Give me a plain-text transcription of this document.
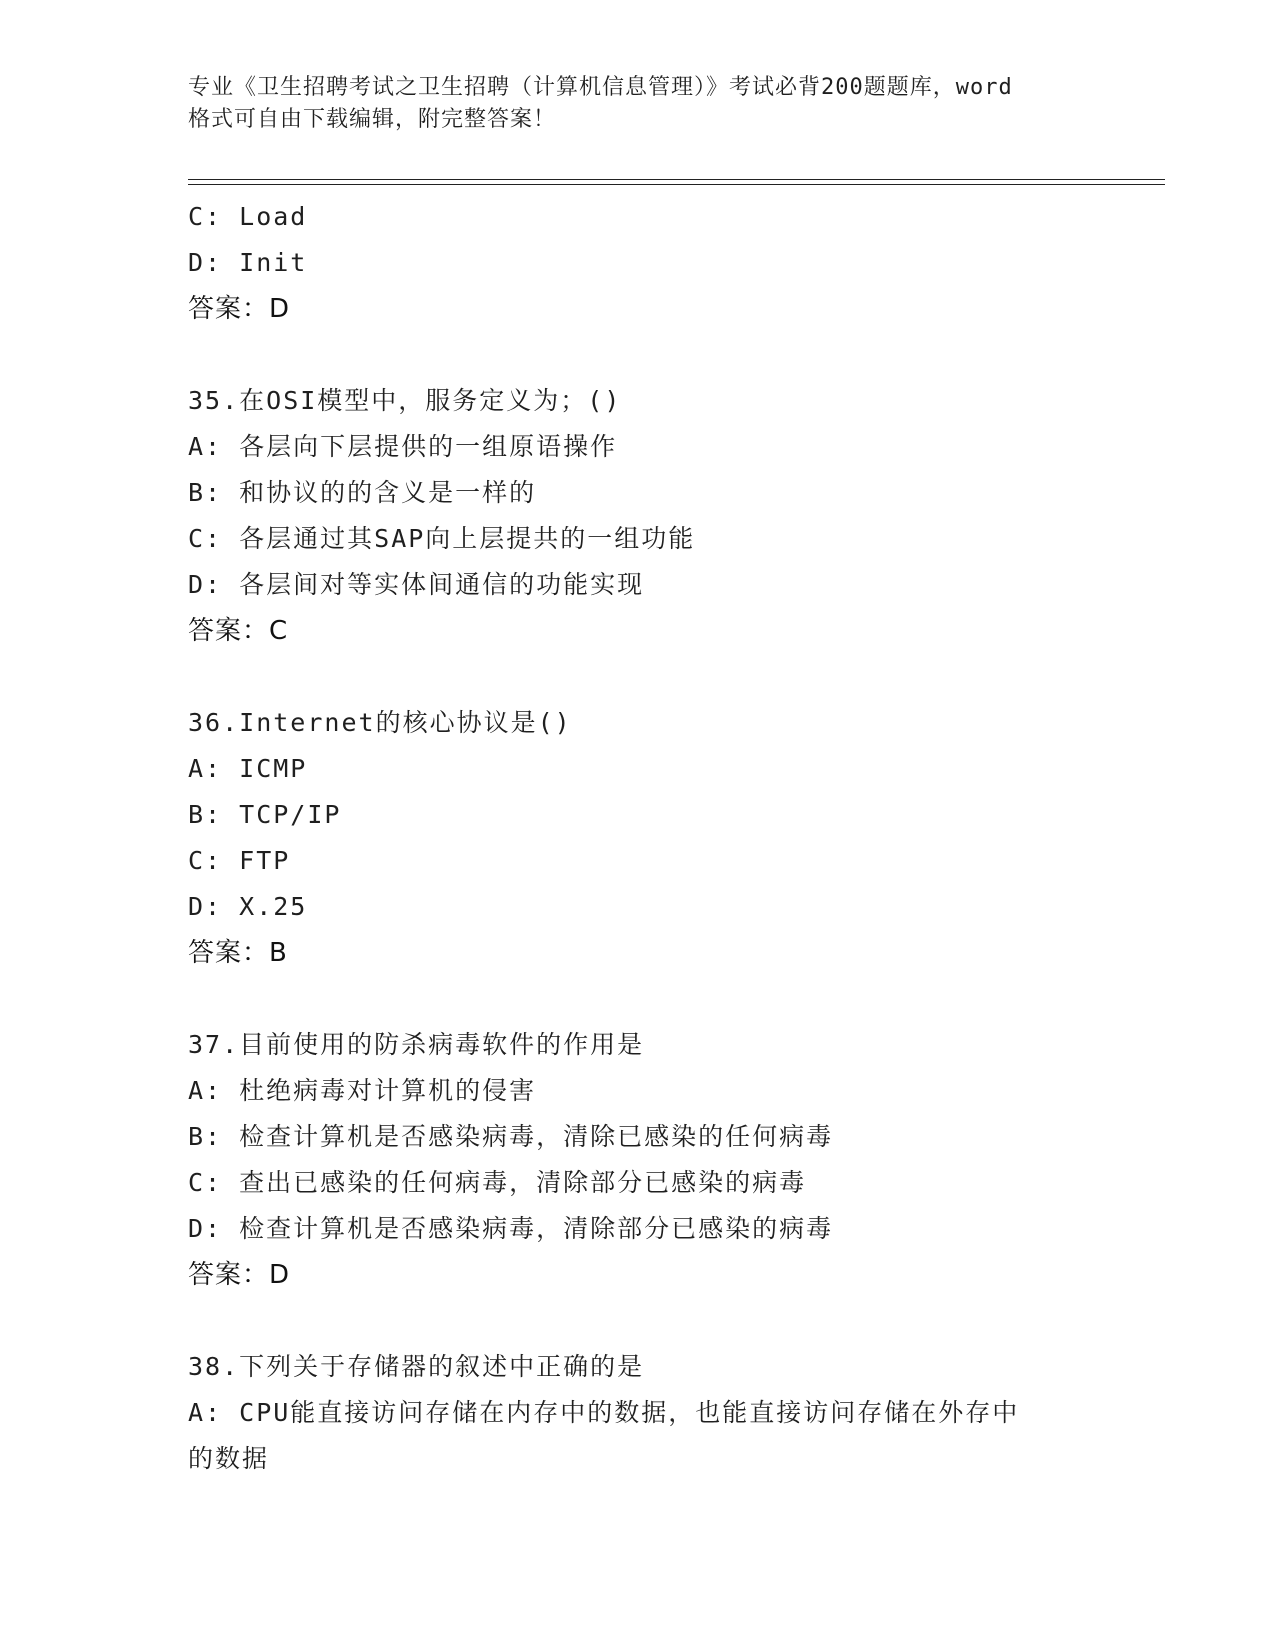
专业《卫生招聘考试之卫生招聘（计算机信息管理）》考试必背200题题库，word
格式可自由下载编辑，附完整答案！
C: Load
D: Init
答案：D
35.在OSI模型中，服务定义为；()
A: 各层向下层提供的一组原语操作
B: 和协议的的含义是一样的
C: 各层通过其SAP向上层提共的一组功能
D: 各层间对等实体间通信的功能实现
答案：C
36.Internet的核心协议是()
A: ICMP
B: TCP/IP
C: FTP
D: X.25
答案：B
37.目前使用的防杀病毒软件的作用是
A: 杜绝病毒对计算机的侵害
B: 检查计算机是否感染病毒，清除已感染的任何病毒
C: 查出已感染的任何病毒，清除部分已感染的病毒
D: 检查计算机是否感染病毒，清除部分已感染的病毒
答案：D
38.下列关于存储器的叙述中正确的是
A: CPU能直接访问存储在内存中的数据，也能直接访问存储在外存中
的数据
